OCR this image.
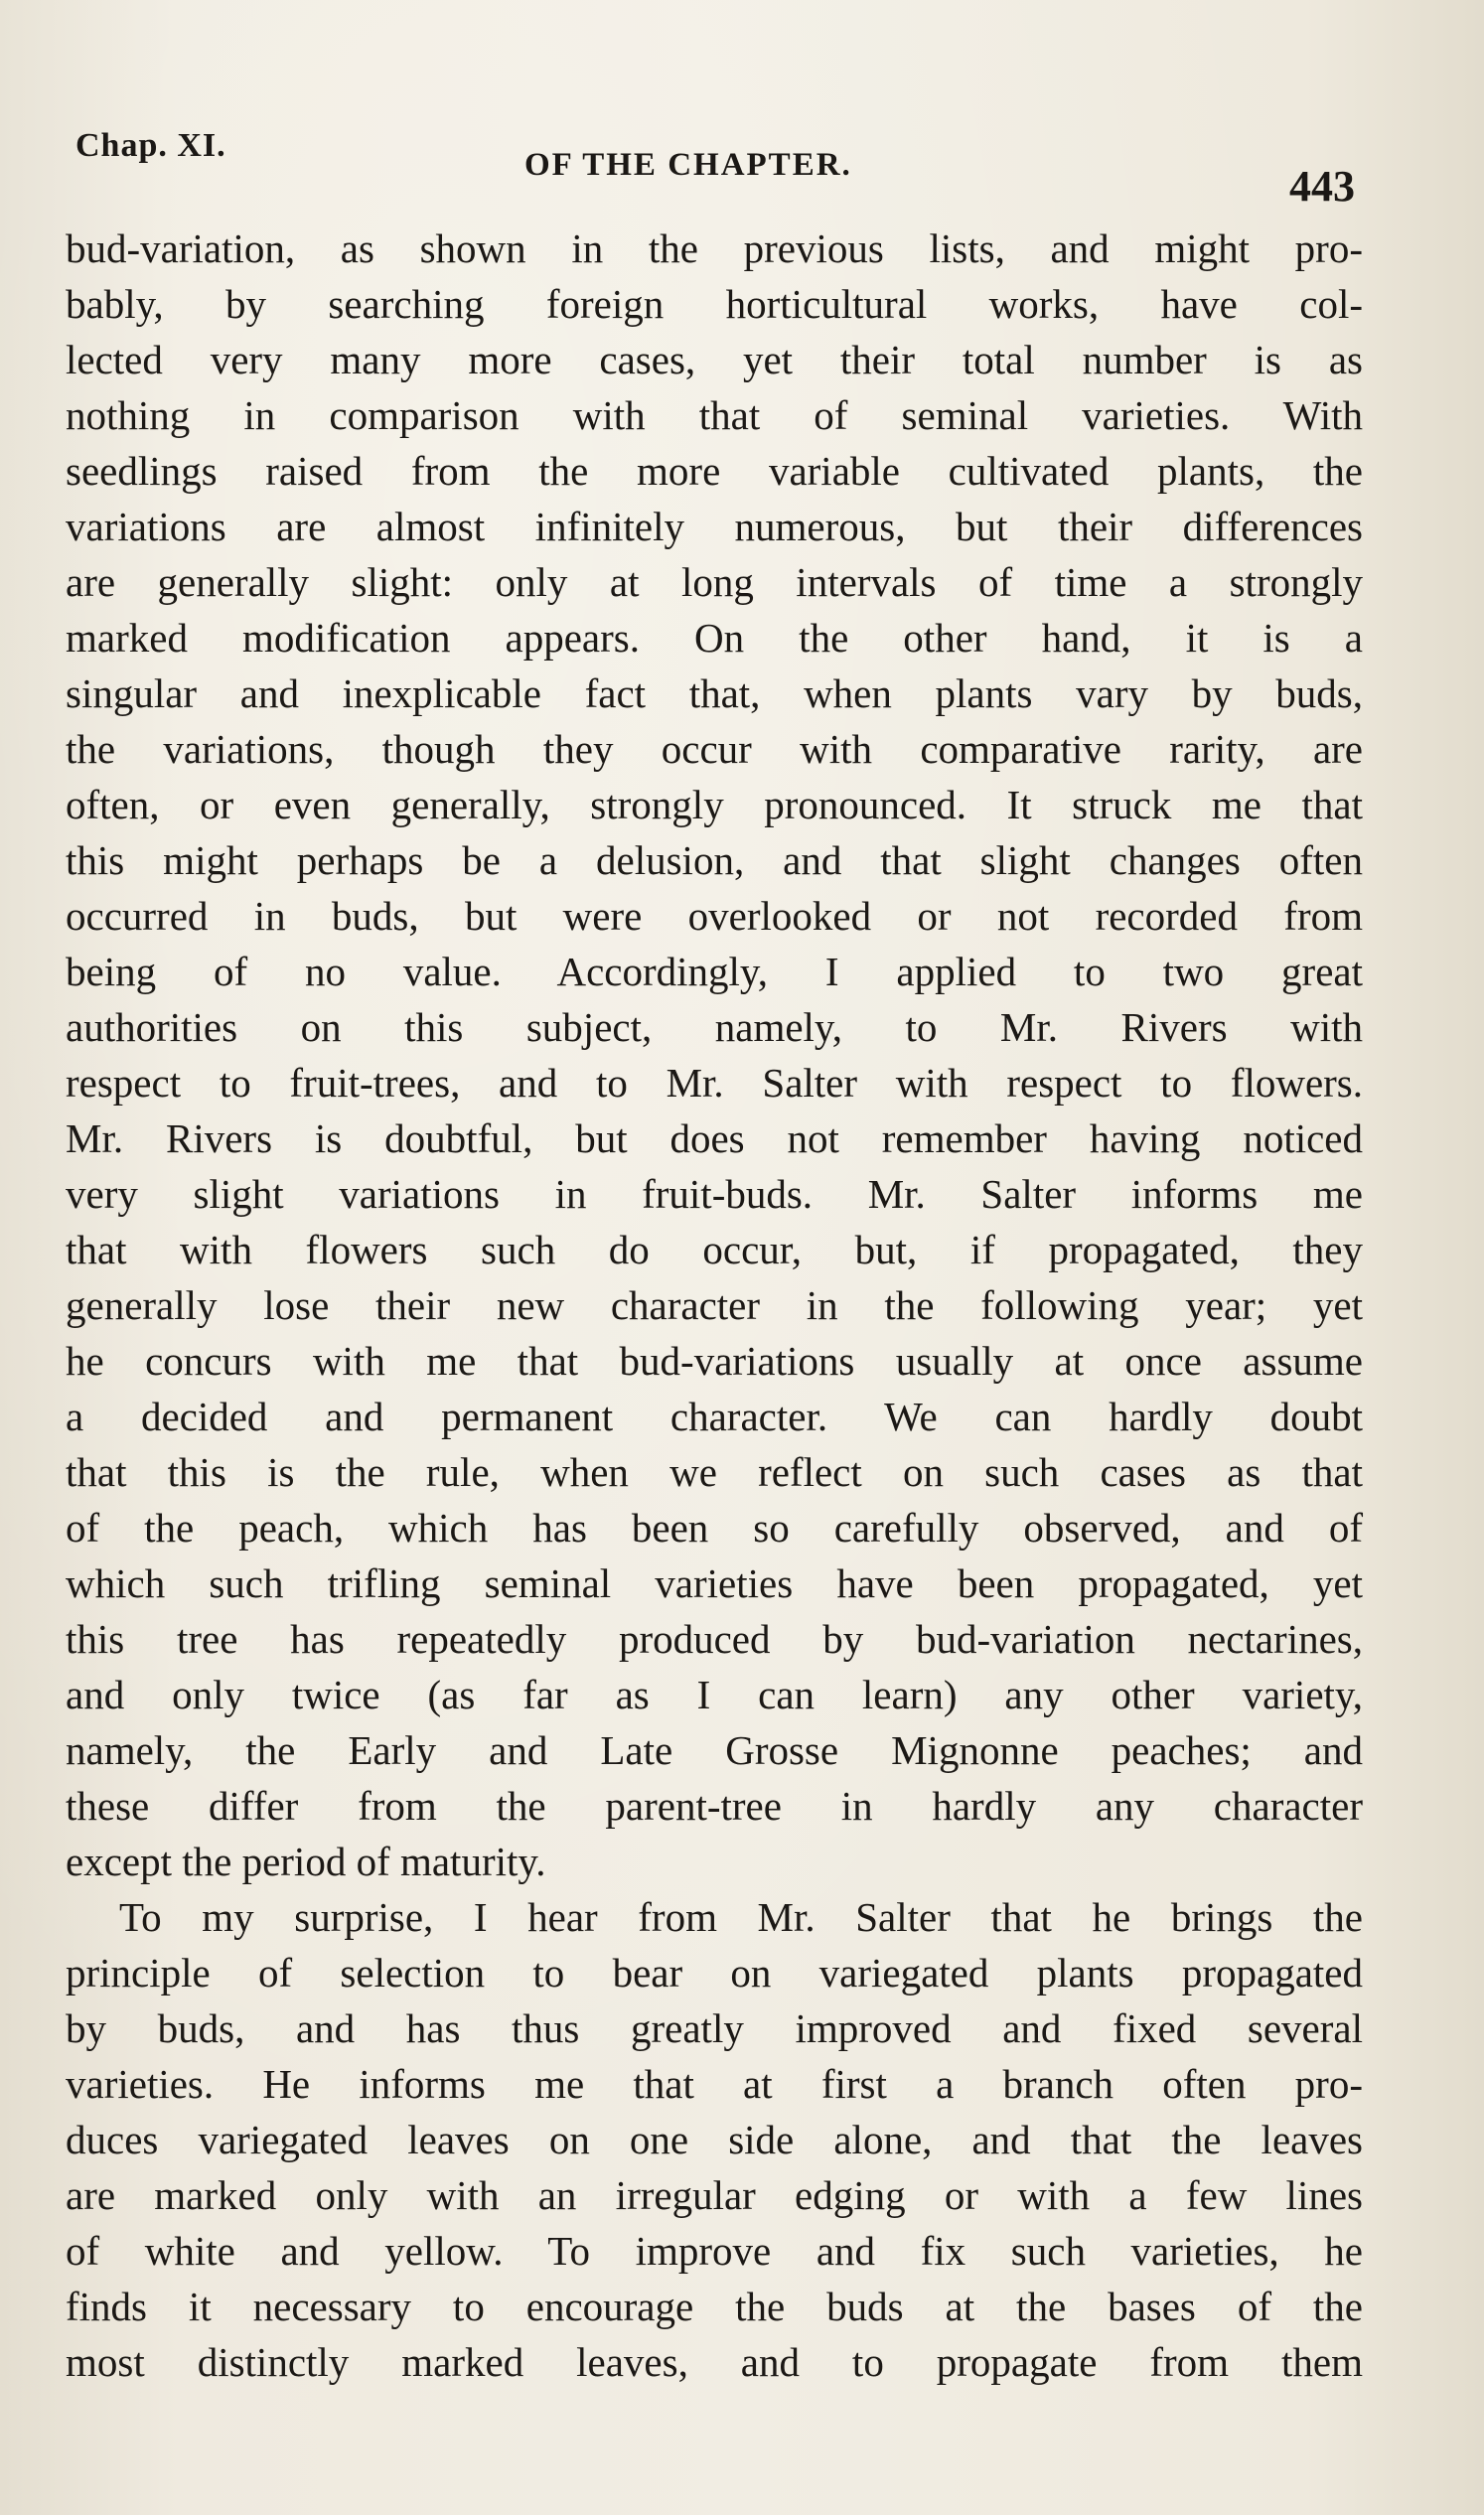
Chap. XI.
OF THE CHAPTER.	443
bud-variation, as shown in the previous lists, and might pro-
bably, by searching foreign horticultural works, have col-
lected very many more cases, yet their total number is as
nothing in comparison with that of seminal varieties. With
seedlings raised from the more variable cultivated plants, the
variations are almost infinitely numerous, but their differences
are generally slight: only at long intervals of time a strongly
marked modification appears. On the other hand, it is a
singular and inexplicable fact that, when plants vary by buds,
the variations, though they occur with comparative rarity, are
often, or even generally, strongly pronounced. It struck me that
this might perhaps be a delusion, and that slight changes often
occurred in buds, but were overlooked or not recorded from
being of no value. Accordingly, I applied to two great
authorities on this subject, namely, to Mr. Rivers with
respect to fruit-trees, and to Mr. Salter with respect to flowers.
Mr. Rivers is doubtful, but does not remember having noticed
very slight variations in fruit-buds. Mr. Salter informs me
that with flowers such do occur, but, if propagated, they
generally lose their new character in the following year; yet
he concurs with me that bud-variations usually at once assume
a decided and permanent character. We can hardly doubt
that this is the rule, when we reflect on such cases as that
of the peach, which has been so carefully observed, and of
which such trifling seminal varieties have been propagated, yet
this tree has repeatedly produced by bud-variation nectarines,
and only twice (as far as I can learn) any other variety,
namely, the Early and Late Grosse Mignonne peaches; and
these differ from the parent-tree in hardly any character
except the period of maturity.
To my surprise, I hear from Mr. Salter that he brings the
principle of selection to bear on variegated plants propagated
by buds, and has thus greatly improved and fixed several
varieties. He informs me that at first a branch often pro-
duces variegated leaves on one side alone, and that the leaves
are marked only with an irregular edging or with a few lines
of white and yellow. To improve and fix such varieties, he
finds it necessary to encourage the buds at the bases of the
most distinctly marked leaves, and to propagate from them
